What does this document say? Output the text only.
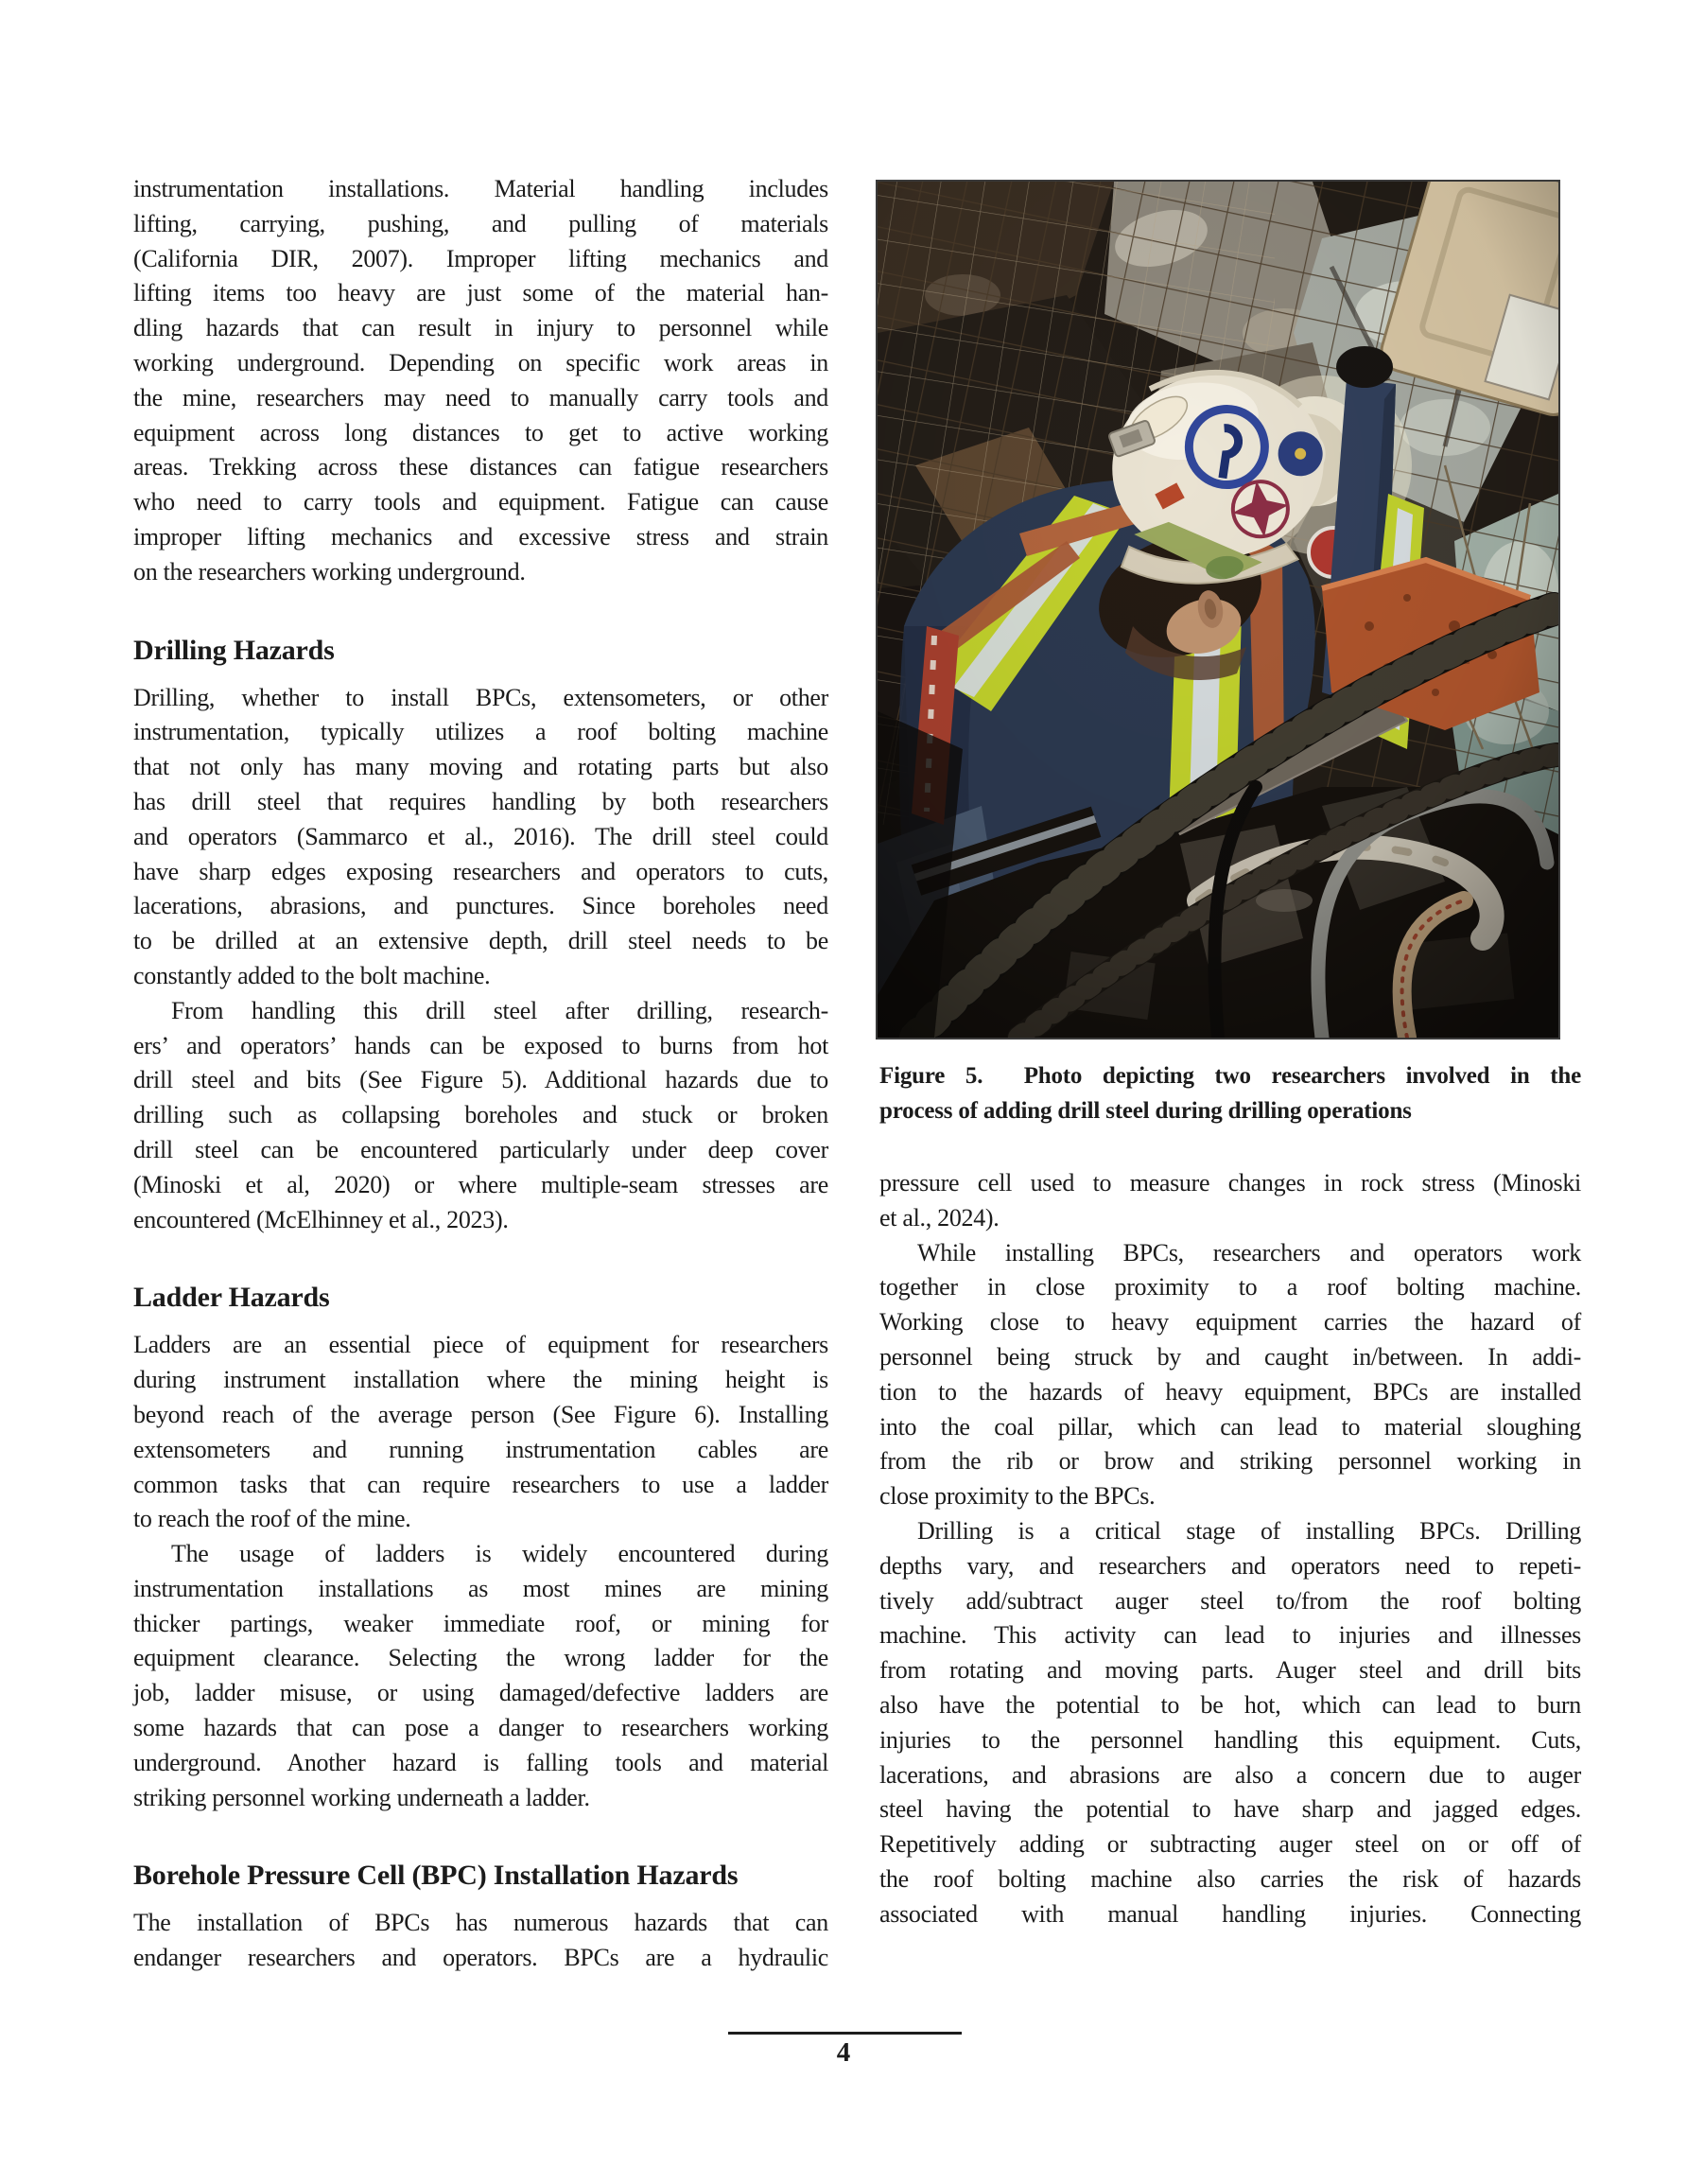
instrumentation installations. Material handling includes
lifting, carrying, pushing, and pulling of materials
(California DIR, 2007). Improper lifting mechanics and
lifting items too heavy are just some of the material han-
dling hazards that can result in injury to personnel while
working underground. Depending on specific work areas in
the mine, researchers may need to manually carry tools and
equipment across long distances to get to active working
areas. Trekking across these distances can fatigue researchers
who need to carry tools and equipment. Fatigue can cause
improper lifting mechanics and excessive stress and strain
on the researchers working underground.
Drilling Hazards
Drilling, whether to install BPCs, extensometers, or other
instrumentation, typically utilizes a roof bolting machine
that not only has many moving and rotating parts but also
has drill steel that requires handling by both researchers
and operators (Sammarco et al., 2016). The drill steel could
have sharp edges exposing researchers and operators to cuts,
lacerations, abrasions, and punctures. Since boreholes need
to be drilled at an extensive depth, drill steel needs to be
constantly added to the bolt machine.
From handling this drill steel after drilling, research-
ers’ and operators’ hands can be exposed to burns from hot
drill steel and bits (See Figure 5). Additional hazards due to
drilling such as collapsing boreholes and stuck or broken
drill steel can be encountered particularly under deep cover
(Minoski et al, 2020) or where multiple-seam stresses are
encountered (McElhinney et al., 2023).
Ladder Hazards
Ladders are an essential piece of equipment for researchers
during instrument installation where the mining height is
beyond reach of the average person (See Figure 6). Installing
extensometers and running instrumentation cables are
common tasks that can require researchers to use a ladder
to reach the roof of the mine.
The usage of ladders is widely encountered during
instrumentation installations as most mines are mining
thicker partings, weaker immediate roof, or mining for
equipment clearance. Selecting the wrong ladder for the
job, ladder misuse, or using damaged/defective ladders are
some hazards that can pose a danger to researchers working
underground. Another hazard is falling tools and material
striking personnel working underneath a ladder.
Borehole Pressure Cell (BPC) Installation Hazards
The installation of BPCs has numerous hazards that can
endanger researchers and operators. BPCs are a hydraulic
Figure 5.  Photo depicting two researchers involved in the
process of adding drill steel during drilling operations
pressure cell used to measure changes in rock stress (Minoski
et al., 2024).
While installing BPCs, researchers and operators work
together in close proximity to a roof bolting machine.
Working close to heavy equipment carries the hazard of
personnel being struck by and caught in/between. In addi-
tion to the hazards of heavy equipment, BPCs are installed
into the coal pillar, which can lead to material sloughing
from the rib or brow and striking personnel working in
close proximity to the BPCs.
Drilling is a critical stage of installing BPCs. Drilling
depths vary, and researchers and operators need to repeti-
tively add/subtract auger steel to/from the roof bolting
machine. This activity can lead to injuries and illnesses
from rotating and moving parts. Auger steel and drill bits
also have the potential to be hot, which can lead to burn
injuries to the personnel handling this equipment. Cuts,
lacerations, and abrasions are also a concern due to auger
steel having the potential to have sharp and jagged edges.
Repetitively adding or subtracting auger steel on or off of
the roof bolting machine also carries the risk of hazards
associated with manual handling injuries. Connecting
4
